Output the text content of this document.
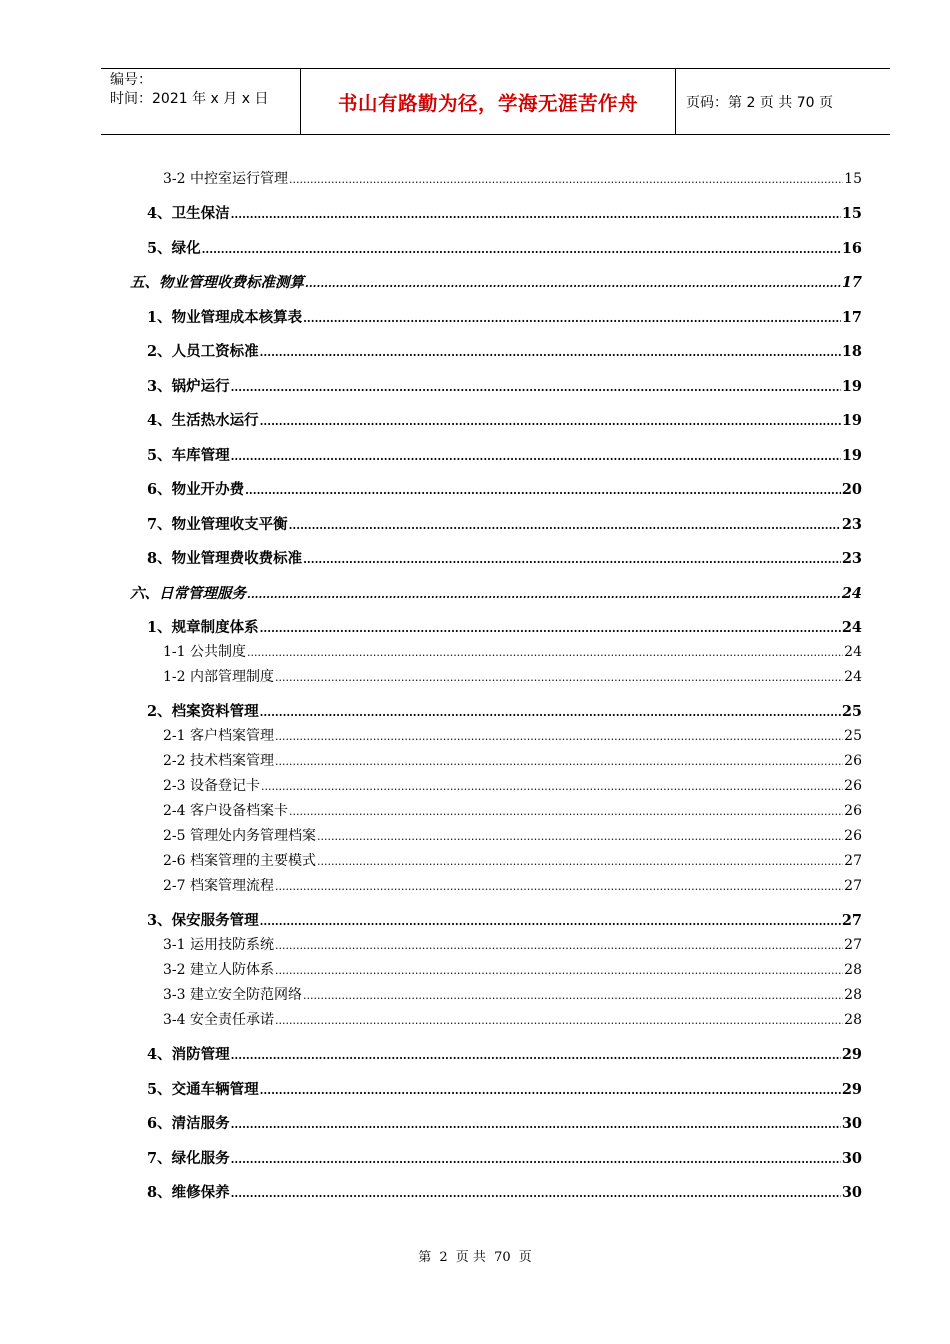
编号：
时间：2021 年 x 月 x 日	书山有路勤为径，学海无涯苦作舟	页码：第 2 页 共 70 页
3-2 中控室运行管理 .....	15
4、卫生保洁 .....	15
5、绿化 .....	16
五、物业管理收费标准测算 .....	17
1、物业管理成本核算表 .....	17
2、人员工资标准 .....	18
3、锅炉运行 .....	19
4、生活热水运行 .....	19
5、车库管理 .....	19
6、物业开办费 .....	20
7、物业管理收支平衡 .....	23
8、物业管理费收费标准 .....	23
六、日常管理服务 .....	24
1、规章制度体系 .....	24
1-1 公共制度 .....	24
1-2 内部管理制度 .....	24
2、档案资料管理 .....	25
2-1 客户档案管理 .....	25
2-2 技术档案管理 .....	26
2-3 设备登记卡 .....	26
2-4 客户设备档案卡 .....	26
2-5 管理处内务管理档案 .....	26
2-6 档案管理的主要模式 .....	27
2-7 档案管理流程 .....	27
3、保安服务管理 .....	27
3-1 运用技防系统 .....	27
3-2 建立人防体系 .....	28
3-3 建立安全防范网络 .....	28
3-4 安全责任承诺 .....	28
4、消防管理 .....	29
5、交通车辆管理 .....	29
6、清洁服务 .....	30
7、绿化服务 .....	30
8、维修保养 .....	30
第 2 页 共 70 页
